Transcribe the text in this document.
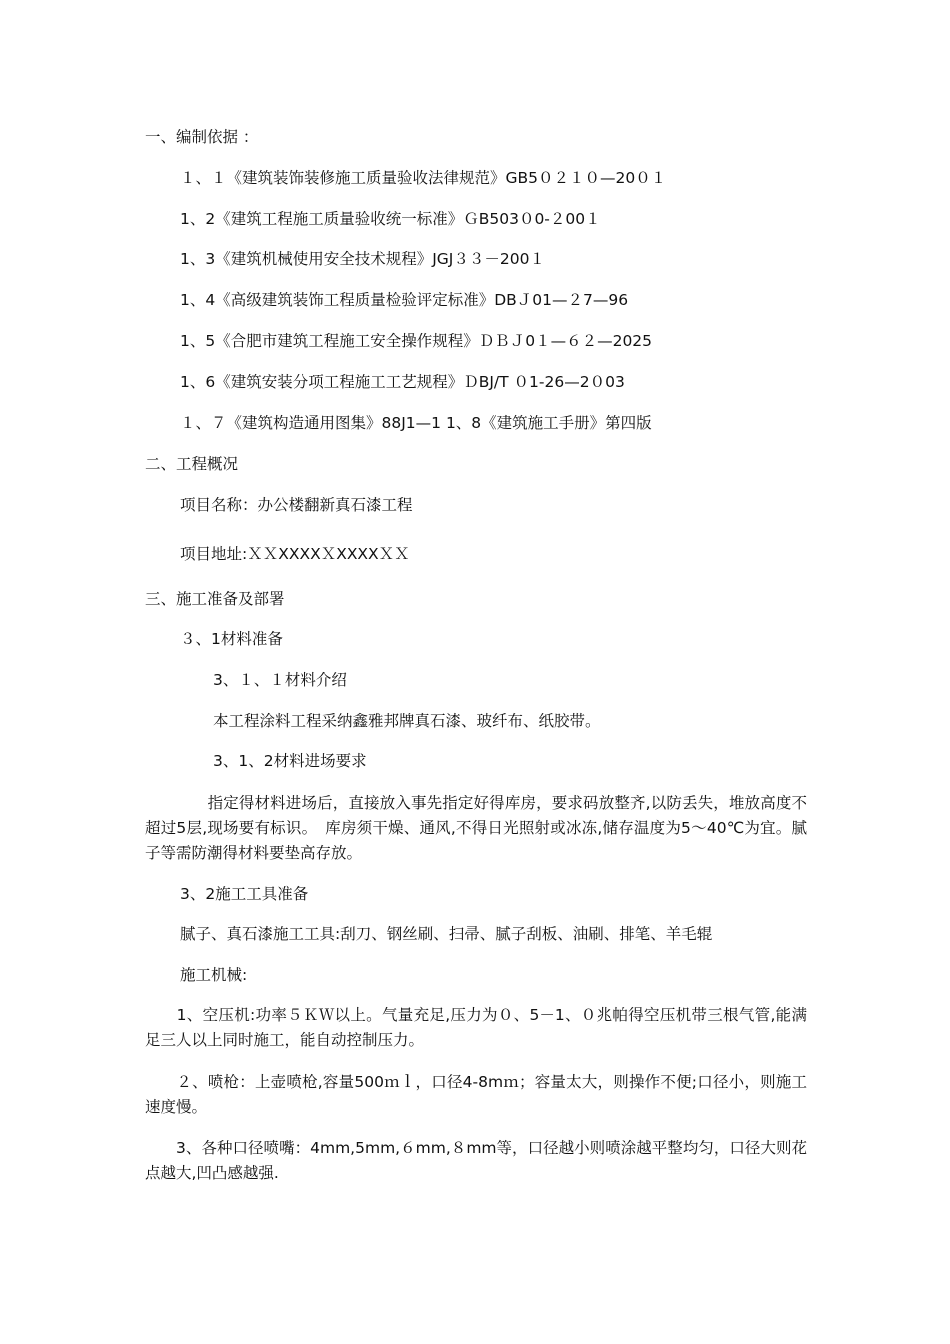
一、编制依据 ：

１、１《建筑装饰装修施工质量验收法律规范》GB5０２１０—20０１

1、2《建筑工程施工质量验收统一标准》ＧB503０0-２00１

1、3《建筑机械使用安全技术规程》JGJ３３－200１

1、4《高级建筑装饰工程质量检验评定标准》DBＪ01—２7—96

1、5《合肥市建筑工程施工安全操作规程》ＤＢＪ0１—６２—2025

1、6《建筑安装分项工程施工工艺规程》ＤBJ/T ０1-26—2０03

１、７《建筑构造通用图集》88J1—1 1、8《建筑施工手册》第四版

二、工程概况

项目名称：办公楼翻新真石漆工程

项目地址:ＸＸXXXXＸXXXXＸＸ

三、施工准备及部署

３、1材料准备

3、１、１材料介绍

本工程涂料工程采纳鑫雅邦牌真石漆、玻纤布、纸胶带。

3、1、2材料进场要求

　　　　指定得材料进场后，直接放入事先指定好得库房，要求码放整齐,以防丢失，堆放高度不超过5层,现场要有标识。　库房须干燥、通风,不得日光照射或冰冻,储存温度为5～40℃为宜。腻子等需防潮得材料要垫高存放。

3、2施工工具准备

腻子、真石漆施工工具:刮刀、钢丝刷、扫帚、腻子刮板、油刷、排笔、羊毛辊

施工机械:

　　1、空压机:功率５ＫＷ以上。气量充足,压力为０、5－1、０兆帕得空压机带三根气管,能满足三人以上同时施工，能自动控制压力。

　　２、喷枪：上壶喷枪,容量500ｍｌ，口径4-8mｍ；容量太大，则操作不便;口径小，则施工速度慢。

　　3、各种口径喷嘴：4mm,5mm,６mm,８mm等，口径越小则喷涂越平整均匀，口径大则花点越大,凹凸感越强.
